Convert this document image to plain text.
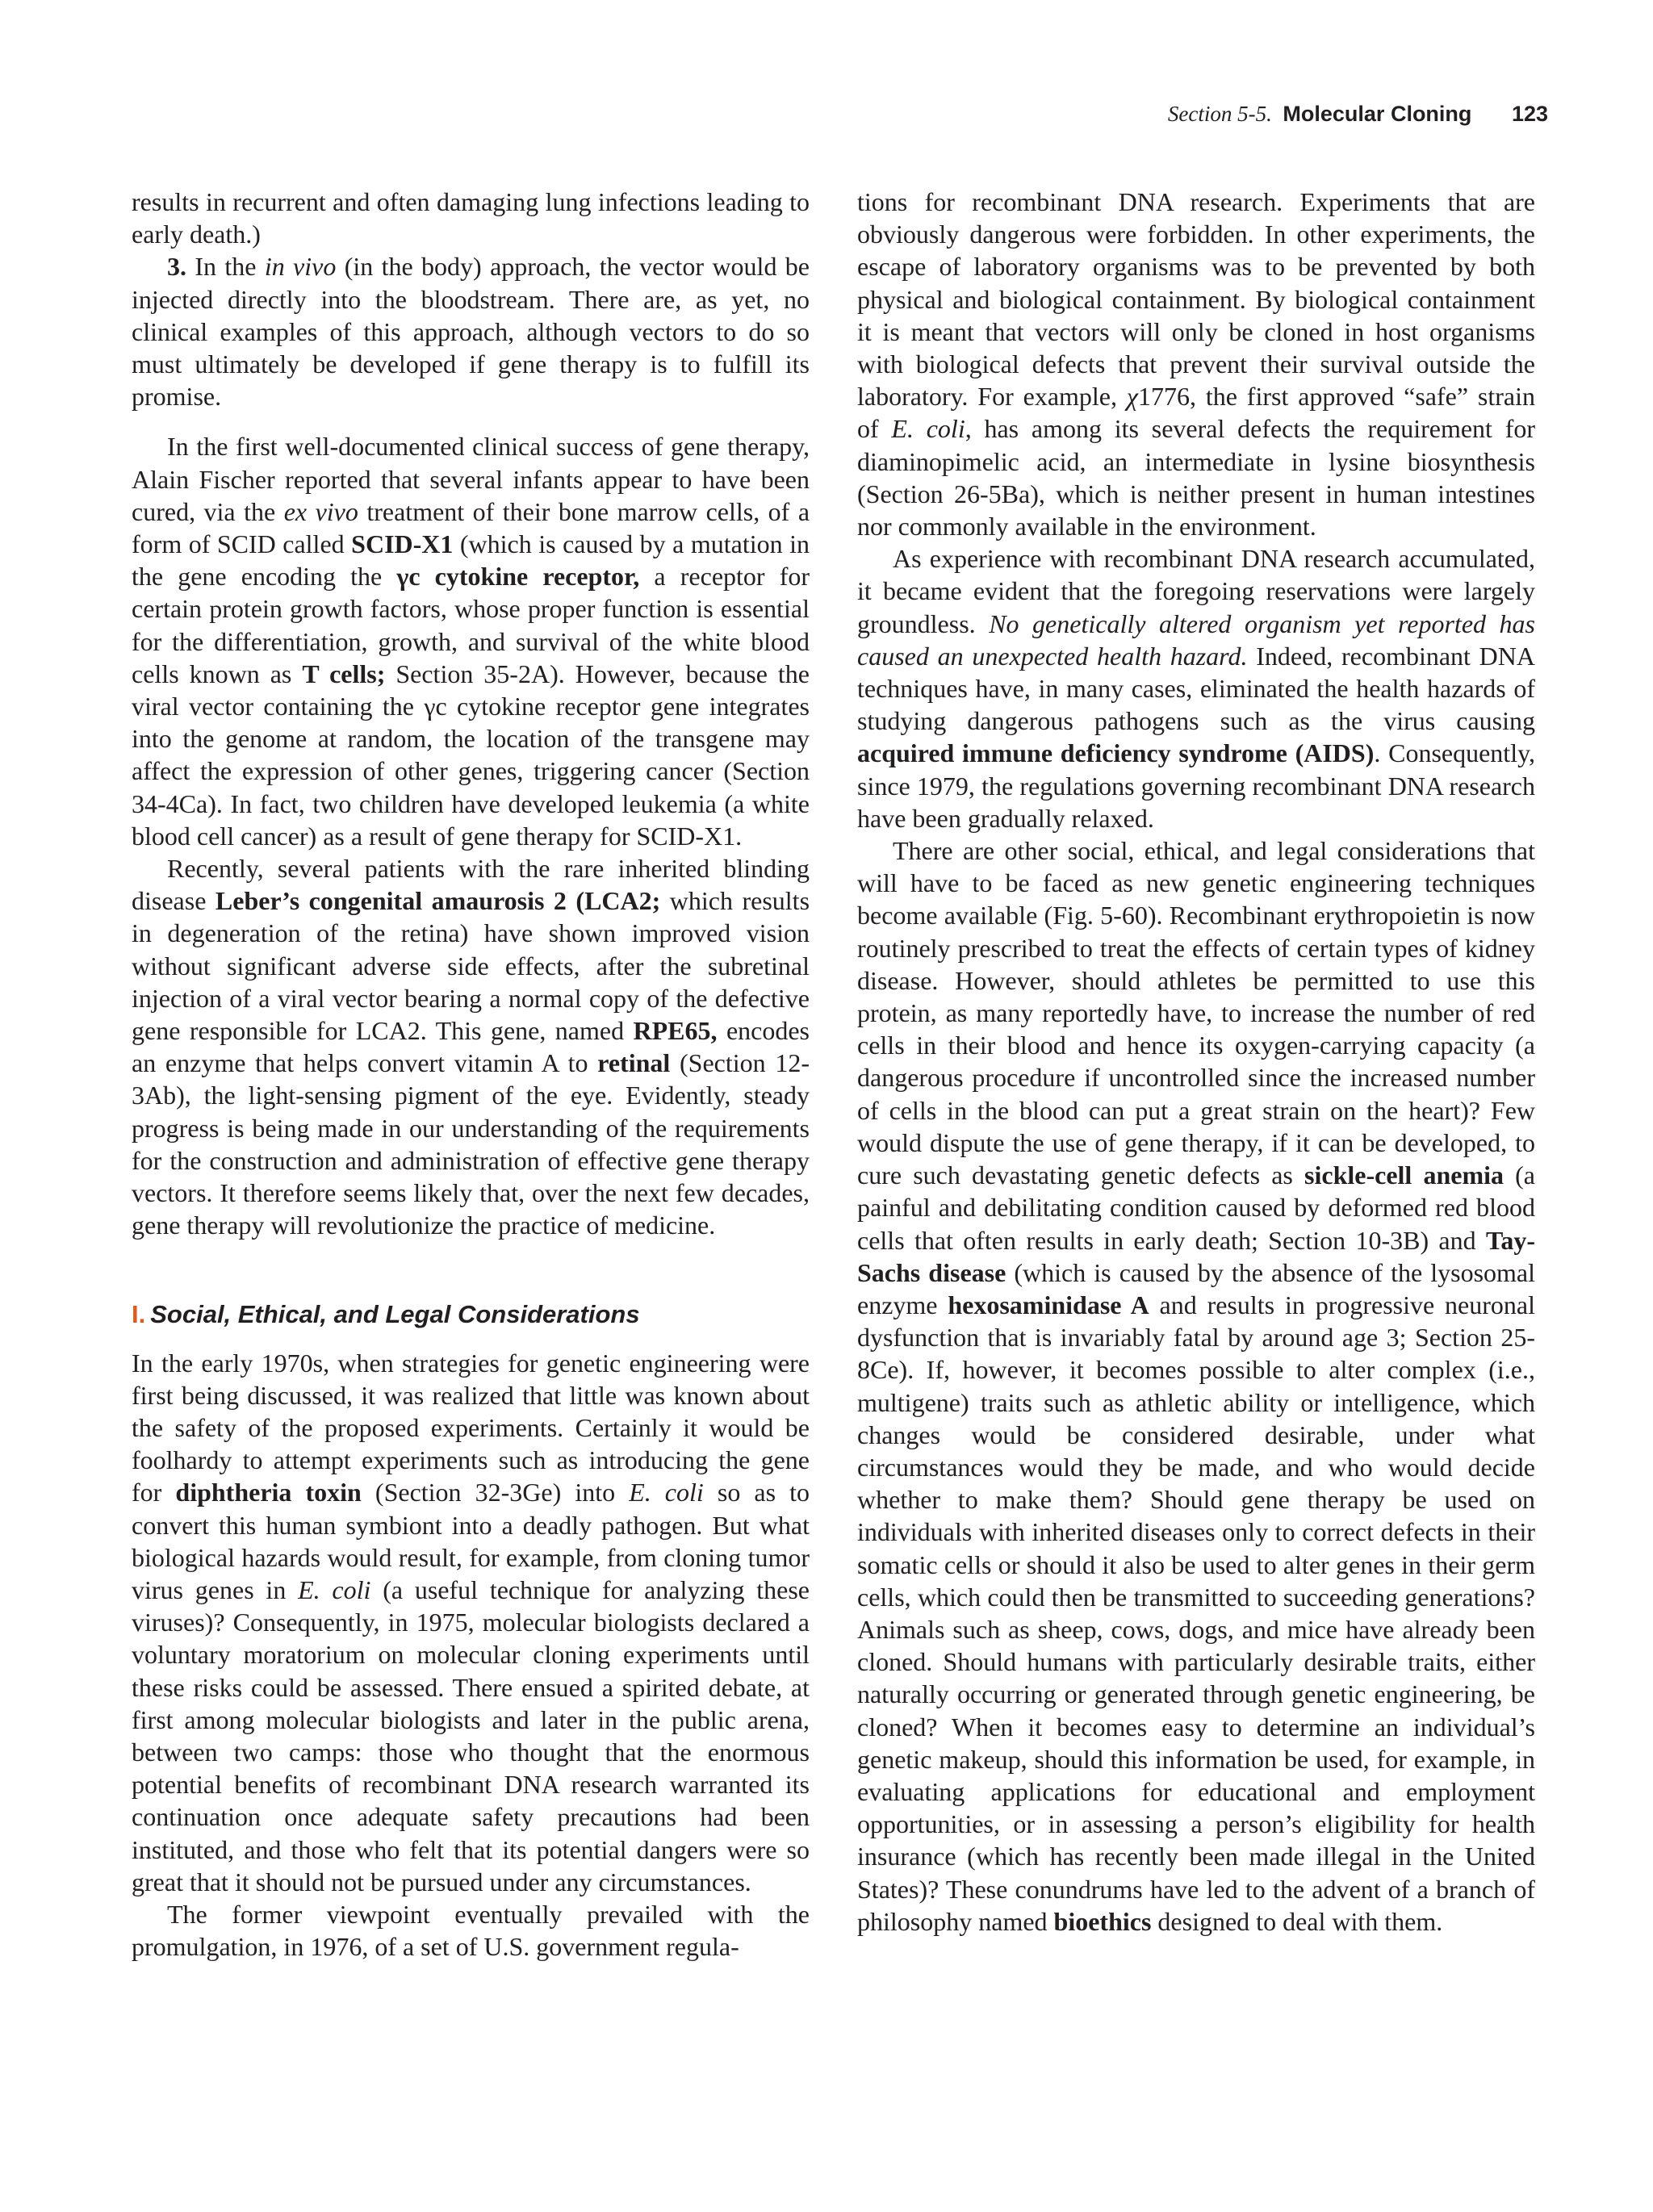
Section 5-5. Molecular Cloning 123

results in recurrent and often damaging lung infections leading to early death.)

3. In the in vivo (in the body) approach, the vector would be injected directly into the bloodstream. There are, as yet, no clinical examples of this approach, although vectors to do so must ultimately be developed if gene therapy is to fulfill its promise.

In the first well-documented clinical success of gene therapy, Alain Fischer reported that several infants appear to have been cured, via the ex vivo treatment of their bone marrow cells, of a form of SCID called SCID-X1 (which is caused by a mutation in the gene encoding the γc cytokine receptor, a receptor for certain protein growth factors, whose proper function is essential for the differentiation, growth, and survival of the white blood cells known as T cells; Section 35-2A). However, because the viral vector containing the γc cytokine receptor gene integrates into the genome at random, the location of the transgene may affect the expression of other genes, triggering cancer (Section 34-4Ca). In fact, two children have developed leukemia (a white blood cell cancer) as a result of gene therapy for SCID-X1.

Recently, several patients with the rare inherited blinding disease Leber’s congenital amaurosis 2 (LCA2; which results in degeneration of the retina) have shown improved vision without significant adverse side effects, after the subretinal injection of a viral vector bearing a normal copy of the defective gene responsible for LCA2. This gene, named RPE65, encodes an enzyme that helps convert vitamin A to retinal (Section 12-3Ab), the light-sensing pigment of the eye. Evidently, steady progress is being made in our understanding of the requirements for the construction and administration of effective gene therapy vectors. It therefore seems likely that, over the next few decades, gene therapy will revolutionize the practice of medicine.

I. Social, Ethical, and Legal Considerations

In the early 1970s, when strategies for genetic engineering were first being discussed, it was realized that little was known about the safety of the proposed experiments. Certainly it would be foolhardy to attempt experiments such as introducing the gene for diphtheria toxin (Section 32-3Ge) into E. coli so as to convert this human symbiont into a deadly pathogen. But what biological hazards would result, for example, from cloning tumor virus genes in E. coli (a useful technique for analyzing these viruses)? Consequently, in 1975, molecular biologists declared a voluntary moratorium on molecular cloning experiments until these risks could be assessed. There ensued a spirited debate, at first among molecular biologists and later in the public arena, between two camps: those who thought that the enormous potential benefits of recombinant DNA research warranted its continuation once adequate safety precautions had been instituted, and those who felt that its potential dangers were so great that it should not be pursued under any circumstances.

The former viewpoint eventually prevailed with the promulgation, in 1976, of a set of U.S. government regula-

tions for recombinant DNA research. Experiments that are obviously dangerous were forbidden. In other experiments, the escape of laboratory organisms was to be prevented by both physical and biological containment. By biological containment it is meant that vectors will only be cloned in host organisms with biological defects that prevent their survival outside the laboratory. For example, χ1776, the first approved “safe” strain of E. coli, has among its several defects the requirement for diaminopimelic acid, an intermediate in lysine biosynthesis (Section 26-5Ba), which is neither present in human intestines nor commonly available in the environment.

As experience with recombinant DNA research accumulated, it became evident that the foregoing reservations were largely groundless. No genetically altered organism yet reported has caused an unexpected health hazard. Indeed, recombinant DNA techniques have, in many cases, eliminated the health hazards of studying dangerous pathogens such as the virus causing acquired immune deficiency syndrome (AIDS). Consequently, since 1979, the regulations governing recombinant DNA research have been gradually relaxed.

There are other social, ethical, and legal considerations that will have to be faced as new genetic engineering techniques become available (Fig. 5-60). Recombinant erythropoietin is now routinely prescribed to treat the effects of certain types of kidney disease. However, should athletes be permitted to use this protein, as many reportedly have, to increase the number of red cells in their blood and hence its oxygen-carrying capacity (a dangerous procedure if uncontrolled since the increased number of cells in the blood can put a great strain on the heart)? Few would dispute the use of gene therapy, if it can be developed, to cure such devastating genetic defects as sickle-cell anemia (a painful and debilitating condition caused by deformed red blood cells that often results in early death; Section 10-3B) and Tay-Sachs disease (which is caused by the absence of the lysosomal enzyme hexosaminidase A and results in progressive neuronal dysfunction that is invariably fatal by around age 3; Section 25-8Ce). If, however, it becomes possible to alter complex (i.e., multigene) traits such as athletic ability or intelligence, which changes would be considered desirable, under what circumstances would they be made, and who would decide whether to make them? Should gene therapy be used on individuals with inherited diseases only to correct defects in their somatic cells or should it also be used to alter genes in their germ cells, which could then be transmitted to succeeding generations? Animals such as sheep, cows, dogs, and mice have already been cloned. Should humans with particularly desirable traits, either naturally occurring or generated through genetic engineering, be cloned? When it becomes easy to determine an individual’s genetic makeup, should this information be used, for example, in evaluating applications for educational and employment opportunities, or in assessing a person’s eligibility for health insurance (which has recently been made illegal in the United States)? These conundrums have led to the advent of a branch of philosophy named bioethics designed to deal with them.
